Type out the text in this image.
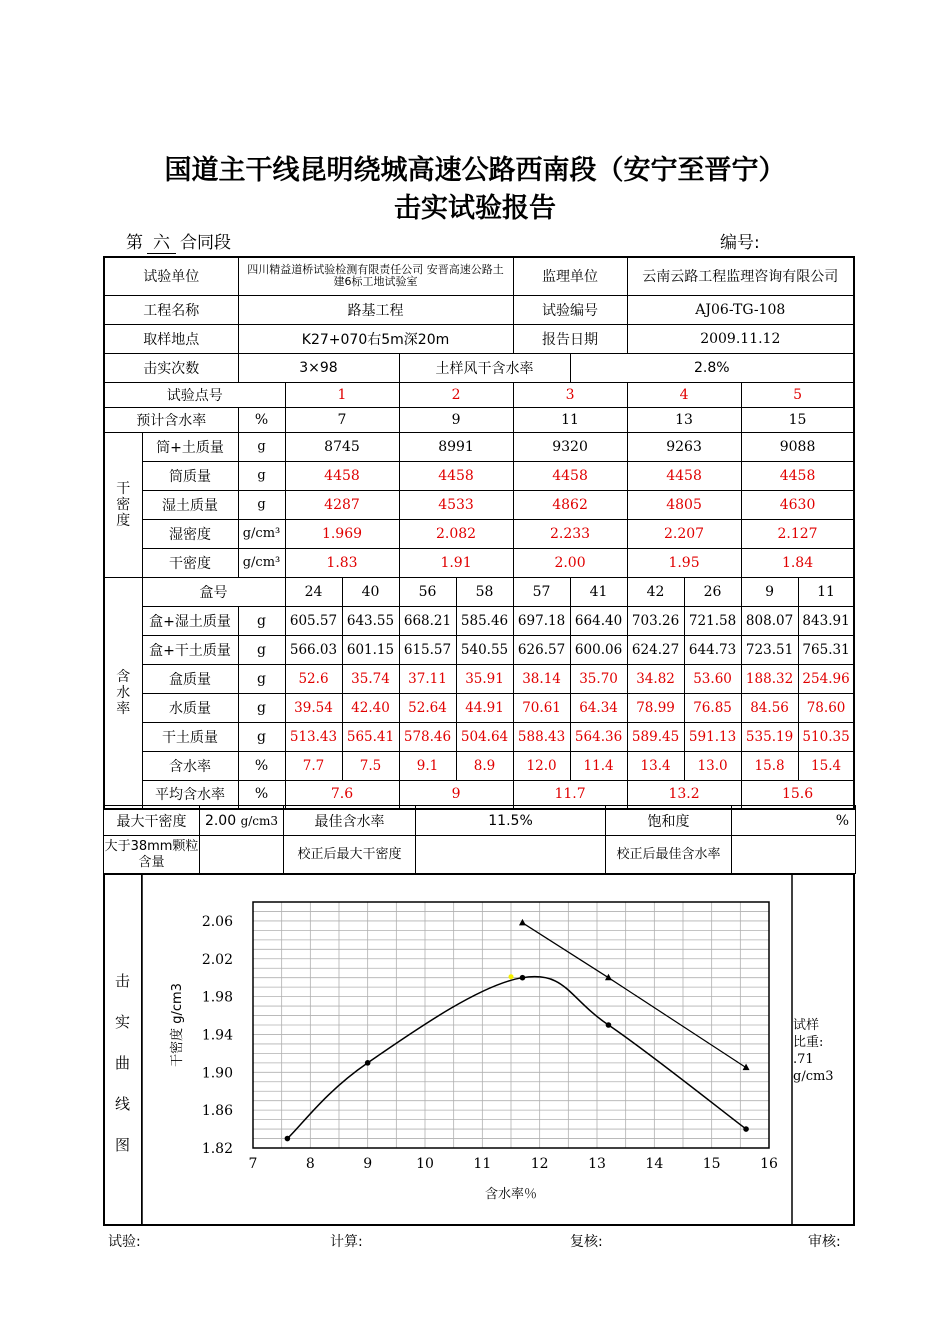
国道主干线昆明绕城高速公路西南段（安宁至晋宁）
击实试验报告
第 六 合同段	编号:
试验单位		四川精益道桥试验检测有限责任公司 安晋高速公路土建6标工地试验室					监理单位		云南云路工程监理咨询有限公司			
工程名称		路基工程					试验编号		AJ06-TG-108			
取样地点		K27+070右5m深20m					报告日期		2009.11.12			
击实次数		3×98			土样风干含水率			2.8%				
试验点号			1		2		3		4		5	
预计含水率		%	7		9		11		13		15	
干
密
度	筒+土质量	g	8745		8991		9320		9263		9088	
	筒质量	g	4458		4458		4458		4458		4458	
	湿土质量	g	4287		4533		4862		4805		4630	
	湿密度	g/cm³	1.969		2.082		2.233		2.207		2.127	
	干密度	g/cm³	1.83		1.91		2.00		1.95		1.84	
含
水
率	盒号		24	40	56	58	57	41	42	26	9	11
	盒+湿土质量	g	605.57	643.55	668.21	585.46	697.18	664.40	703.26	721.58	808.07	843.91
	盒+干土质量	g	566.03	601.15	615.57	540.55	626.57	600.06	624.27	644.73	723.51	765.31
	盒质量	g	52.6	35.74	37.11	35.91	38.14	35.70	34.82	53.60	188.32	254.96
	水质量	g	39.54	42.40	52.64	44.91	70.61	64.34	78.99	76.85	84.56	78.60
	干土质量	g	513.43	565.41	578.46	504.64	588.43	564.36	589.45	591.13	535.19	510.35
	含水率	%	7.7	7.5	9.1	8.9	12.0	11.4	13.4	13.0	15.8	15.4
	平均含水率	%	7.6		9		11.7		13.2		15.6	
最大干密度	2.00 g/cm3	最佳含水率	11.5%	饱和度	%
大于38mm颗粒含量		校正后最大干密度		校正后最佳含水率	
击实曲线图
7	8	9	10	11	12	13	14	15	16
1.82
1.86
1.90
1.94
1.98
2.02
2.06
含水率％
干密度 g/cm3	试样
比重:
.71
g/cm3
试验:	计算:	复核:	审核:
